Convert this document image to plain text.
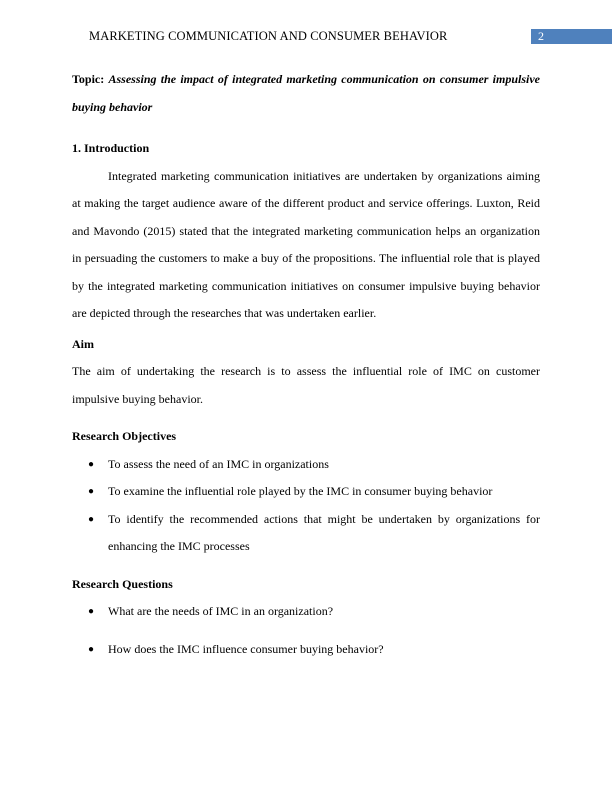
MARKETING COMMUNICATION AND CONSUMER BEHAVIOR	2

Topic: Assessing the impact of integrated marketing communication on consumer impulsive buying behavior

1. Introduction

Integrated marketing communication initiatives are undertaken by organizations aiming at making the target audience aware of the different product and service offerings. Luxton, Reid and Mavondo (2015) stated that the integrated marketing communication helps an organization in persuading the customers to make a buy of the propositions. The influential role that is played by the integrated marketing communication initiatives on consumer impulsive buying behavior are depicted through the researches that was undertaken earlier.

Aim

The aim of undertaking the research is to assess the influential role of IMC on customer impulsive buying behavior.

Research Objectives
● To assess the need of an IMC in organizations
● To examine the influential role played by the IMC in consumer buying behavior
● To identify the recommended actions that might be undertaken by organizations for enhancing the IMC processes
Research Questions
● What are the needs of IMC in an organization?
● How does the IMC influence consumer buying behavior?
